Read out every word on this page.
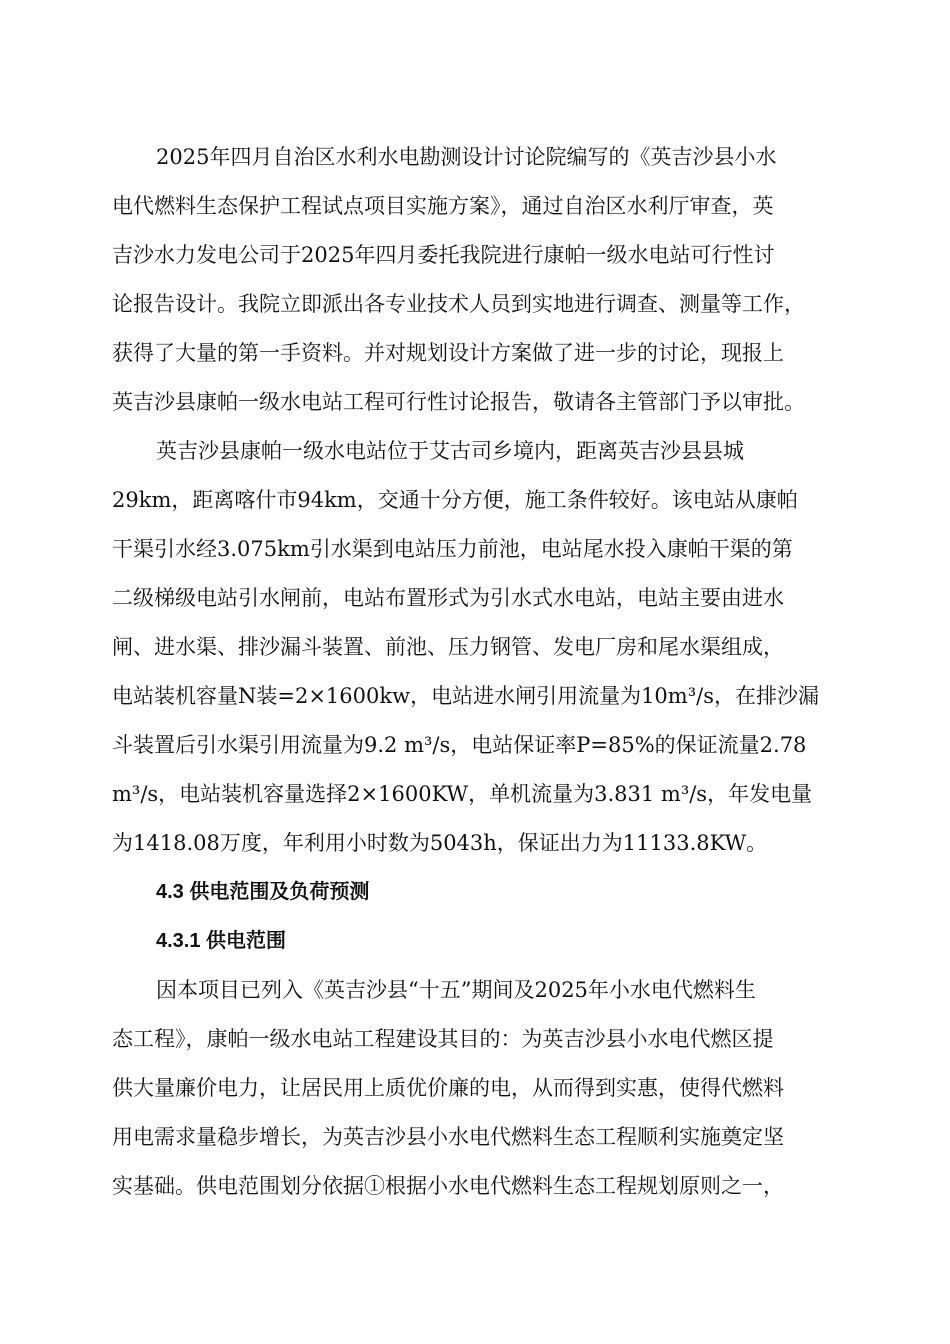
2025年四月自治区水利水电勘测设计讨论院编写的《英吉沙县小水
电代燃料生态保护工程试点项目实施方案》，通过自治区水利厅审查，英
吉沙水力发电公司于2025年四月委托我院进行康帕一级水电站可行性讨
论报告设计。我院立即派出各专业技术人员到实地进行调查、测量等工作，
获得了大量的第一手资料。并对规划设计方案做了进一步的讨论，现报上
英吉沙县康帕一级水电站工程可行性讨论报告，敬请各主管部门予以审批。
英吉沙县康帕一级水电站位于艾古司乡境内，距离英吉沙县县城
29km，距离喀什市94km，交通十分方便，施工条件较好。该电站从康帕
干渠引水经3.075km引水渠到电站压力前池，电站尾水投入康帕干渠的第
二级梯级电站引水闸前，电站布置形式为引水式水电站，电站主要由进水
闸、进水渠、排沙漏斗装置、前池、压力钢管、发电厂房和尾水渠组成，
电站装机容量N装=2×1600kw，电站进水闸引用流量为10m³/s，在排沙漏
斗装置后引水渠引用流量为9.2 m³/s，电站保证率P=85%的保证流量2.78
m³/s，电站装机容量选择2×1600KW，单机流量为3.831 m³/s，年发电量
为1418.08万度，年利用小时数为5043h，保证出力为11133.8KW。
4.3 供电范围及负荷预测
4.3.1 供电范围
因本项目已列入《英吉沙县“十五”期间及2025年小水电代燃料生
态工程》，康帕一级水电站工程建设其目的：为英吉沙县小水电代燃区提
供大量廉价电力，让居民用上质优价廉的电，从而得到实惠，使得代燃料
用电需求量稳步增长，为英吉沙县小水电代燃料生态工程顺利实施奠定坚
实基础。供电范围划分依据①根据小水电代燃料生态工程规划原则之一，
